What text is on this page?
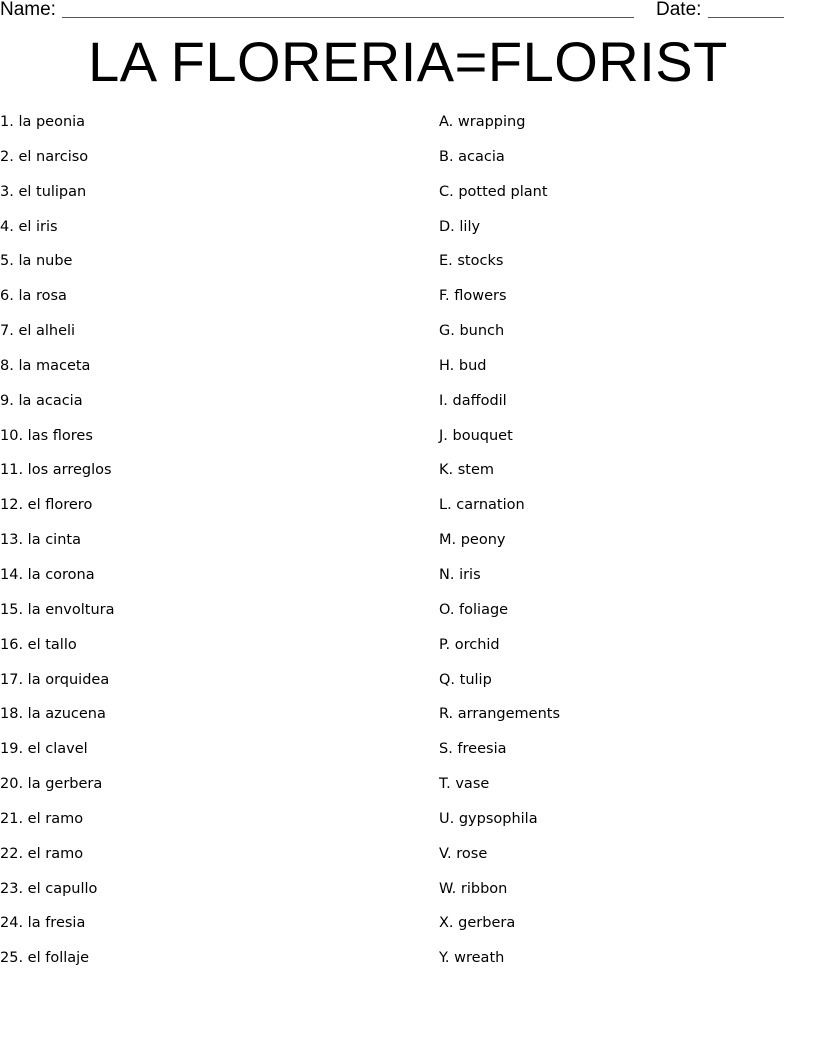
Name:	Date:
LA FLORERIA=FLORIST
1. la peonia
2. el narciso
3. el tulipan
4. el iris
5. la nube
6. la rosa
7. el alheli
8. la maceta
9. la acacia
10. las flores
11. los arreglos
12. el florero
13. la cinta
14. la corona
15. la envoltura
16. el tallo
17. la orquidea
18. la azucena
19. el clavel
20. la gerbera
21. el ramo
22. el ramo
23. el capullo
24. la fresia
25. el follaje
A. wrapping
B. acacia
C. potted plant
D. lily
E. stocks
F. flowers
G. bunch
H. bud
I. daffodil
J. bouquet
K. stem
L. carnation
M. peony
N. iris
O. foliage
P. orchid
Q. tulip
R. arrangements
S. freesia
T. vase
U. gypsophila
V. rose
W. ribbon
X. gerbera
Y. wreath
